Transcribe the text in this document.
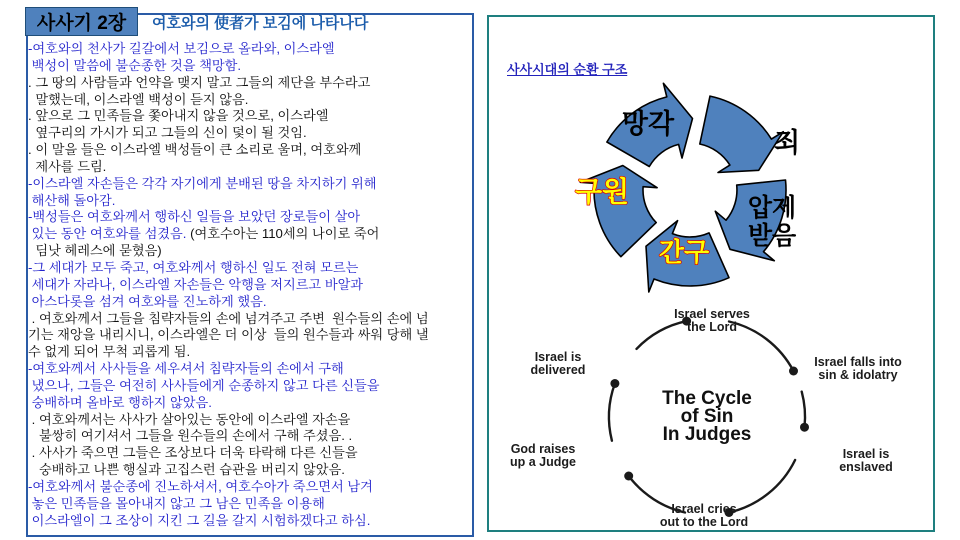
사사기 2장 여호와의 使者가 보김에 나타나다
-여호와의 천사가 길갈에서 보김으로 올라와, 이스라엘
백성이 말씀에 불순종한 것을 책망함.
. 그 땅의 사람들과 언약을 맺지 말고 그들의 제단을 부수라고
말했는데, 이스라엘 백성이 듣지 않음.
. 앞으로 그 민족들을 쫓아내지 않을 것으로, 이스라엘
옆구리의 가시가 되고 그들의 신이 덫이 될 것임.
. 이 말을 들은 이스라엘 백성들이 큰 소리로 울며, 여호와께
제사를 드림.
-이스라엘 자손들은 각각 자기에게 분배된 땅을 차지하기 위해
해산해 돌아감.
-백성들은 여호와께서 행하신 일들을 보았던 장로들이 살아
있는 동안 여호와를 섬겼음. (여호수아는 110세의 나이로 죽어
딤낫 헤레스에 묻혔음)
-그 세대가 모두 죽고, 여호와께서 행하신 일도 전혀 모르는
세대가 자라나, 이스라엘 자손들은 악행을 저지르고 바알과
아스다롯을 섬겨 여호와를 진노하게 했음.
. 여호와께서 그들을 침략자들의 손에 넘겨주고 주변  원수들의 손에 넘
기는 재앙을 내리시니, 이스라엘은 더 이상  들의 원수들과 싸워 당해 낼
수 없게 되어 무척 괴롭게 됨.
-여호와께서 사사들을 세우셔서 침략자들의 손에서 구해
냈으나, 그들은 여전히 사사들에게 순종하지 않고 다른 신들을
숭배하며 올바로 행하지 않았음.
. 여호와께서는 사사가 살아있는 동안에 이스라엘 자손을
불쌍히 여기셔서 그들을 원수들의 손에서 구해 주셨음. .
. 사사가 죽으면 그들은 조상보다 더욱 타락해 다른 신들을
숭배하고 나쁜 행실과 고집스런 습관을 버리지 않았음.
-여호와께서 불순종에 진노하셔서, 여호수아가 죽으면서 남겨
놓은 민족들을 몰아내지 않고 그 남은 민족을 이용해
이스라엘이 그 조상이 지킨 그 길을 갈지 시험하겠다고 하심.
사사시대의 순환 구조
망각
죄
압제 받음
간구
구원
Israel serves the Lord
Israel falls into sin & idolatry
Israel is enslaved
Israel cries out to the Lord
God raises up a Judge
Israel is delivered
The Cycle of Sin In Judges
